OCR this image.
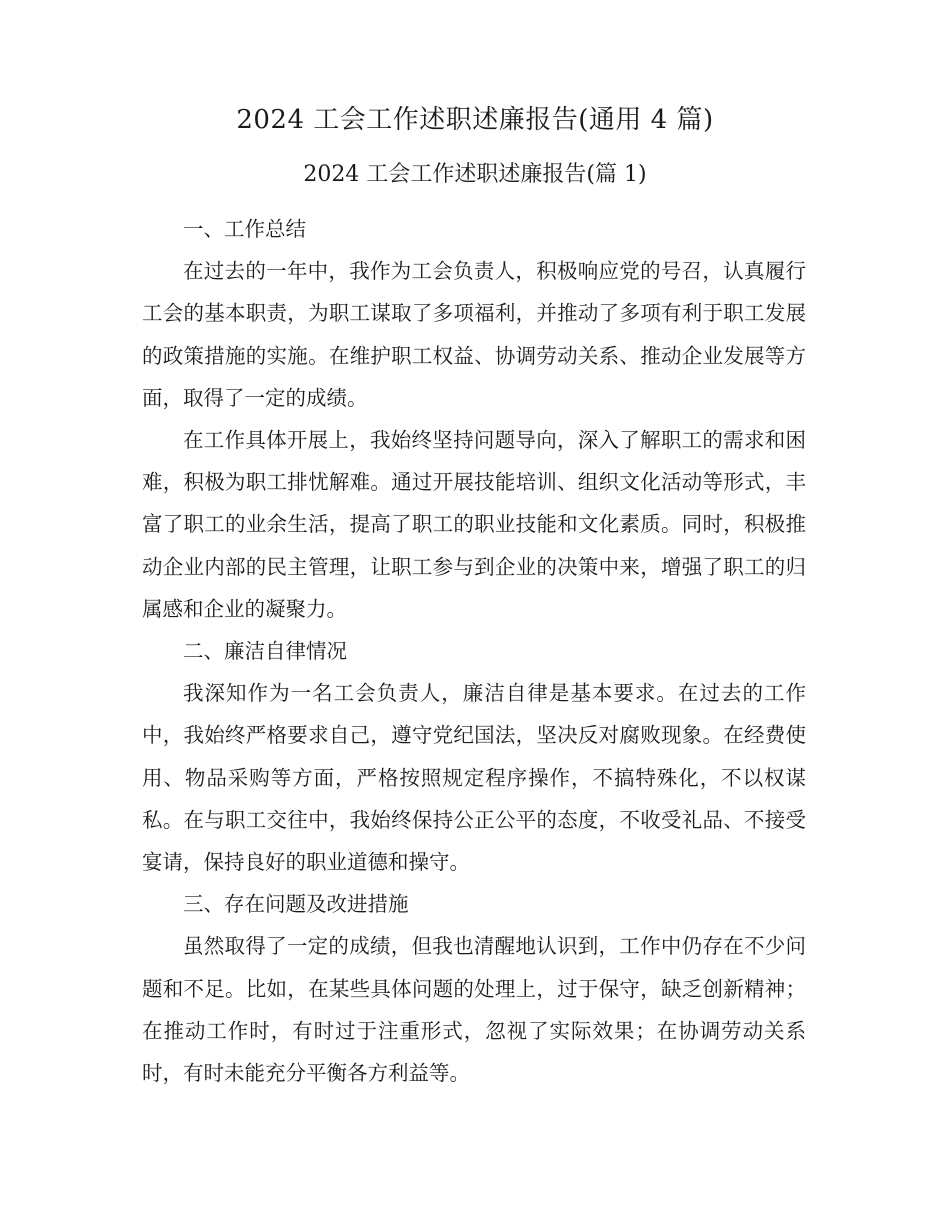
2024 工会工作述职述廉报告(通用 4 篇)
2024 工会工作述职述廉报告(篇 1)

一、工作总结

在过去的一年中，我作为工会负责人，积极响应党的号召，认真履行工会的基本职责，为职工谋取了多项福利，并推动了多项有利于职工发展的政策措施的实施。在维护职工权益、协调劳动关系、推动企业发展等方面，取得了一定的成绩。

在工作具体开展上，我始终坚持问题导向，深入了解职工的需求和困难，积极为职工排忧解难。通过开展技能培训、组织文化活动等形式，丰富了职工的业余生活，提高了职工的职业技能和文化素质。同时，积极推动企业内部的民主管理，让职工参与到企业的决策中来，增强了职工的归属感和企业的凝聚力。

二、廉洁自律情况

我深知作为一名工会负责人，廉洁自律是基本要求。在过去的工作中，我始终严格要求自己，遵守党纪国法，坚决反对腐败现象。在经费使用、物品采购等方面，严格按照规定程序操作，不搞特殊化，不以权谋私。在与职工交往中，我始终保持公正公平的态度，不收受礼品、不接受宴请，保持良好的职业道德和操守。

三、存在问题及改进措施

虽然取得了一定的成绩，但我也清醒地认识到，工作中仍存在不少问题和不足。比如，在某些具体问题的处理上，过于保守，缺乏创新精神；在推动工作时，有时过于注重形式，忽视了实际效果；在协调劳动关系时，有时未能充分平衡各方利益等。
